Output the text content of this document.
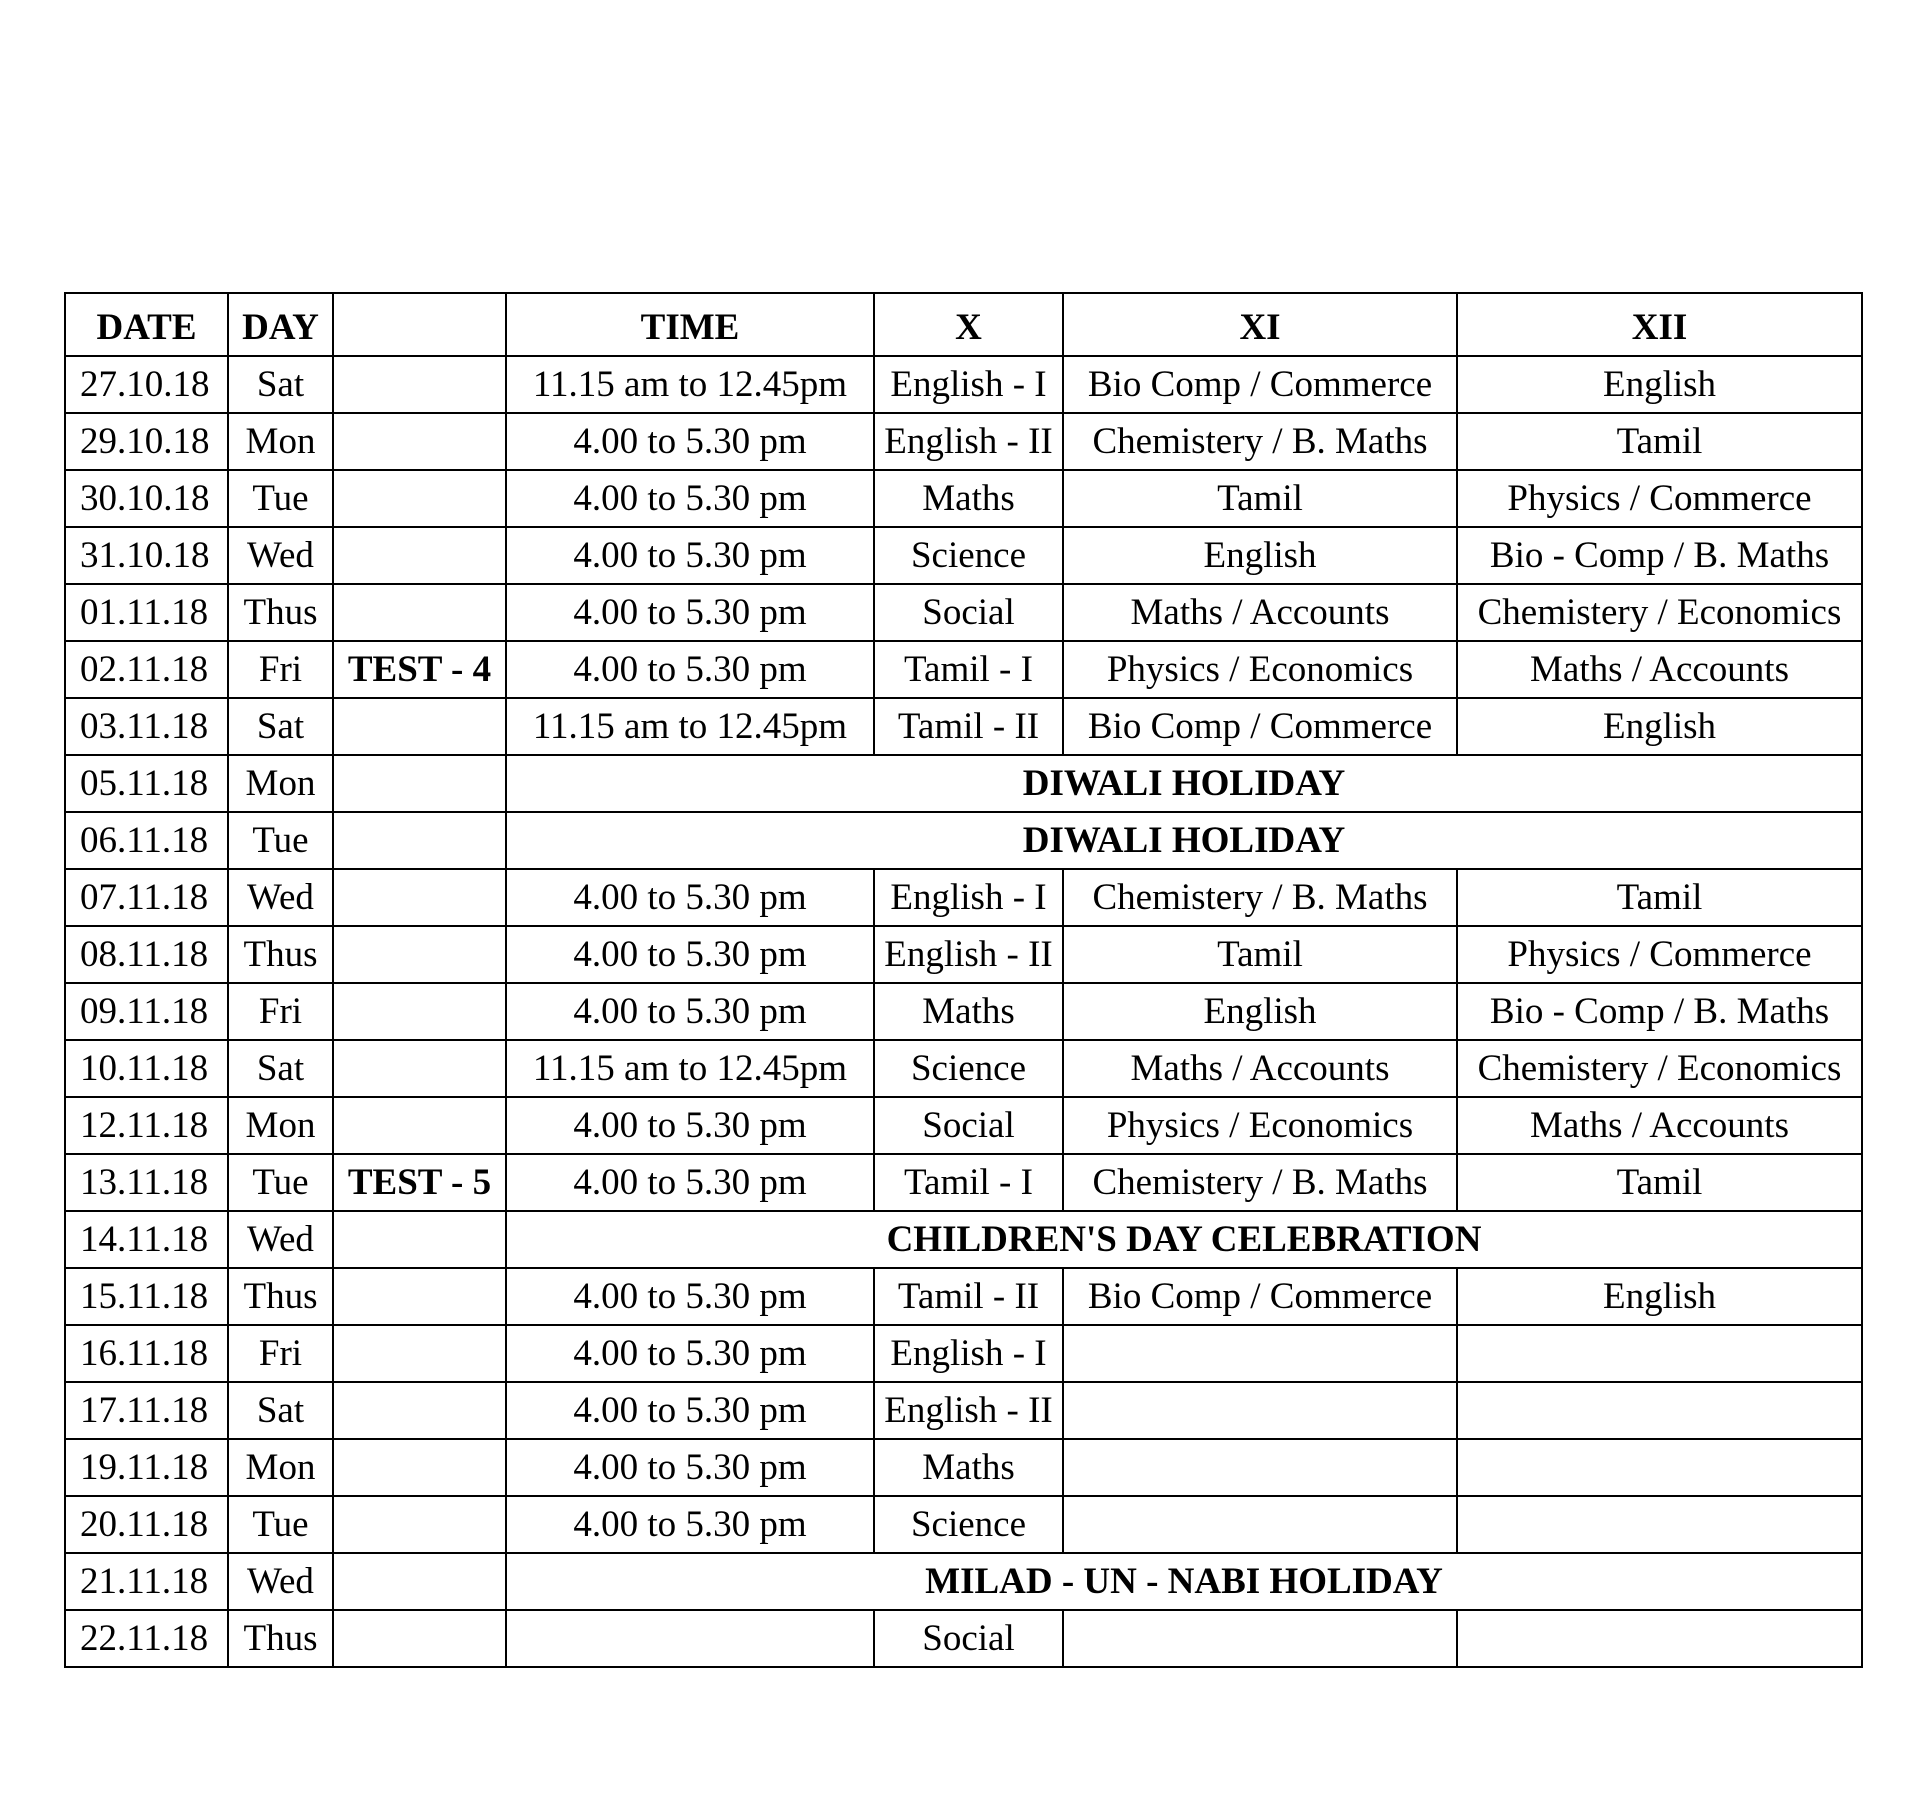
DATE	DAY		TIME	X	XI	XII
27.10.18	Sat		11.15 am to 12.45pm	English - I	Bio Comp / Commerce	English
29.10.18	Mon		4.00 to 5.30 pm	English - II	Chemistery / B. Maths	Tamil
30.10.18	Tue		4.00 to 5.30 pm	Maths	Tamil	Physics / Commerce
31.10.18	Wed		4.00 to 5.30 pm	Science	English	Bio - Comp / B. Maths
01.11.18	Thus		4.00 to 5.30 pm	Social	Maths / Accounts	Chemistery / Economics
02.11.18	Fri	TEST - 4	4.00 to 5.30 pm	Tamil - I	Physics / Economics	Maths / Accounts
03.11.18	Sat		11.15 am to 12.45pm	Tamil - II	Bio Comp / Commerce	English
05.11.18	Mon		DIWALI HOLIDAY			
06.11.18	Tue		DIWALI HOLIDAY			
07.11.18	Wed		4.00 to 5.30 pm	English - I	Chemistery / B. Maths	Tamil
08.11.18	Thus		4.00 to 5.30 pm	English - II	Tamil	Physics / Commerce
09.11.18	Fri		4.00 to 5.30 pm	Maths	English	Bio - Comp / B. Maths
10.11.18	Sat		11.15 am to 12.45pm	Science	Maths / Accounts	Chemistery / Economics
12.11.18	Mon		4.00 to 5.30 pm	Social	Physics / Economics	Maths / Accounts
13.11.18	Tue	TEST - 5	4.00 to 5.30 pm	Tamil - I	Chemistery / B. Maths	Tamil
14.11.18	Wed		CHILDREN'S DAY CELEBRATION			
15.11.18	Thus		4.00 to 5.30 pm	Tamil - II	Bio Comp / Commerce	English
16.11.18	Fri		4.00 to 5.30 pm	English - I		
17.11.18	Sat		4.00 to 5.30 pm	English - II		
19.11.18	Mon		4.00 to 5.30 pm	Maths		
20.11.18	Tue		4.00 to 5.30 pm	Science		
21.11.18	Wed		MILAD - UN - NABI HOLIDAY			
22.11.18	Thus			Social		
